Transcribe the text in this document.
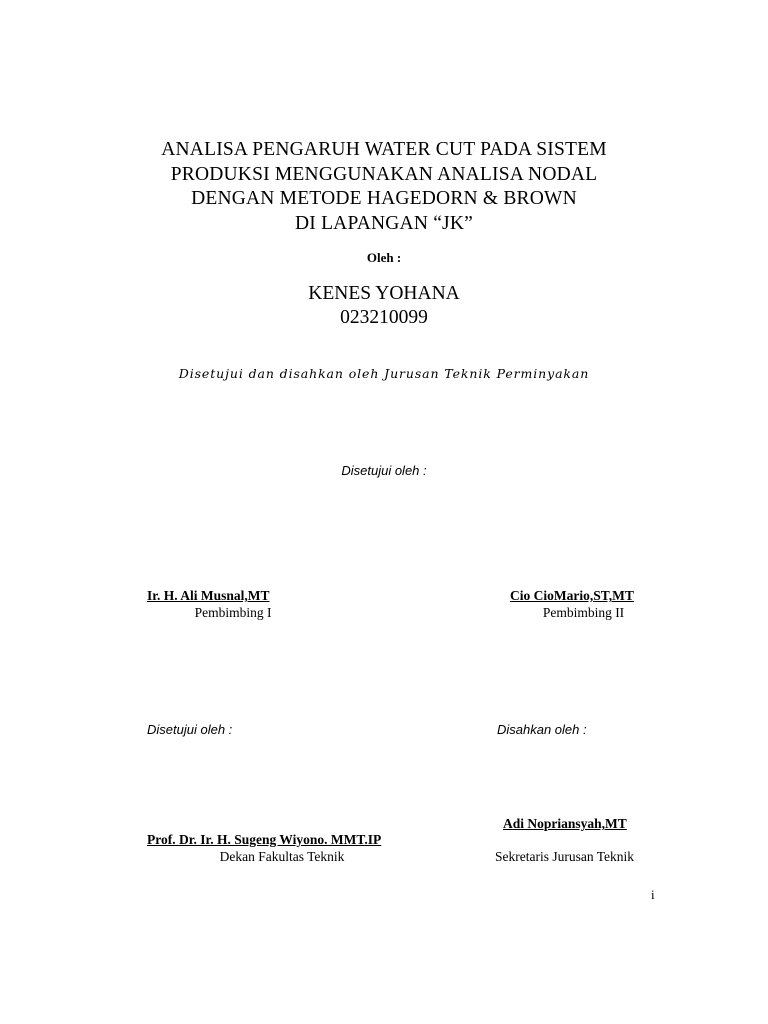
ANALISA PENGARUH WATER CUT PADA SISTEM
PRODUKSI MENGGUNAKAN ANALISA NODAL
DENGAN METODE HAGEDORN & BROWN
DI LAPANGAN “JK”
Oleh :
KENES YOHANA
023210099
Disetujui dan disahkan oleh Jurusan Teknik Perminyakan
Disetujui oleh :
Ir. H. Ali Musnal,MT
Pembimbing I
Cio CioMario,ST,MT
Pembimbing II
Disetujui oleh :	Disahkan oleh :
Adi Nopriansyah,MT
Sekretaris Jurusan Teknik
Prof. Dr. Ir. H. Sugeng Wiyono. MMT.IP
Dekan Fakultas Teknik
i
